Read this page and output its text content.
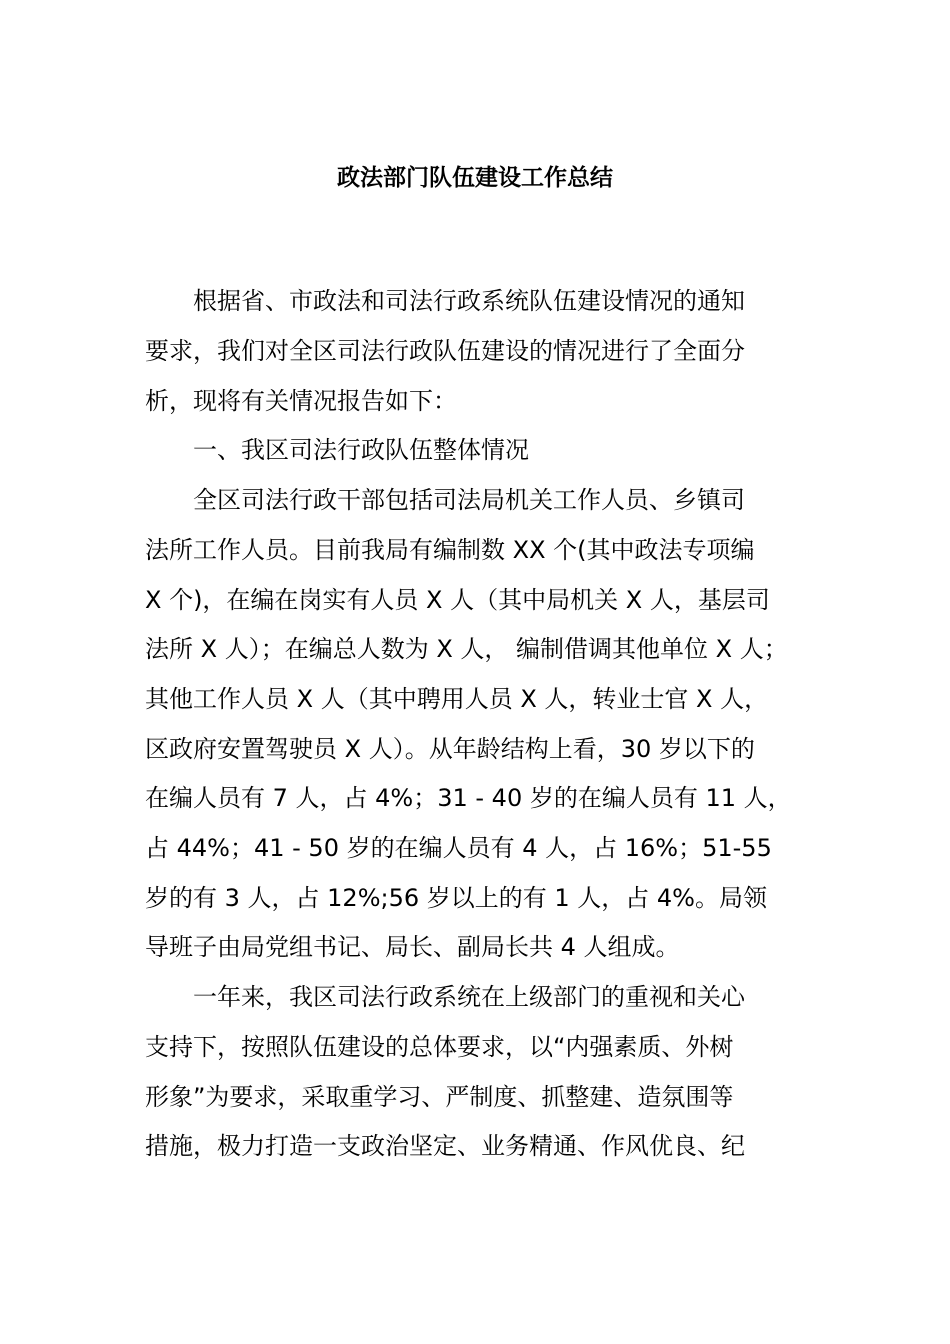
政法部门队伍建设工作总结
根据省、市政法和司法行政系统队伍建设情况的通知
要求，我们对全区司法行政队伍建设的情况进行了全面分
析，现将有关情况报告如下：
一、我区司法行政队伍整体情况
全区司法行政干部包括司法局机关工作人员、乡镇司
法所工作人员。目前我局有编制数 XX 个(其中政法专项编
X 个)，在编在岗实有人员 X 人（其中局机关 X 人，基层司
法所 X 人）；在编总人数为 X 人， 编制借调其他单位 X 人；
其他工作人员 X 人（其中聘用人员 X 人，转业士官 X 人，
区政府安置驾驶员 X 人）。从年龄结构上看，30 岁以下的
在编人员有 7 人，占 4%；31 - 40 岁的在编人员有 11 人，
占 44%；41 - 50 岁的在编人员有 4 人，占 16%；51-55
岁的有 3 人，占 12%;56 岁以上的有 1 人，占 4%。局领
导班子由局党组书记、局长、副局长共 4 人组成。
一年来，我区司法行政系统在上级部门的重视和关心
支持下，按照队伍建设的总体要求，以“内强素质、外树
形象”为要求，采取重学习、严制度、抓整建、造氛围等
措施，极力打造一支政治坚定、业务精通、作风优良、纪
